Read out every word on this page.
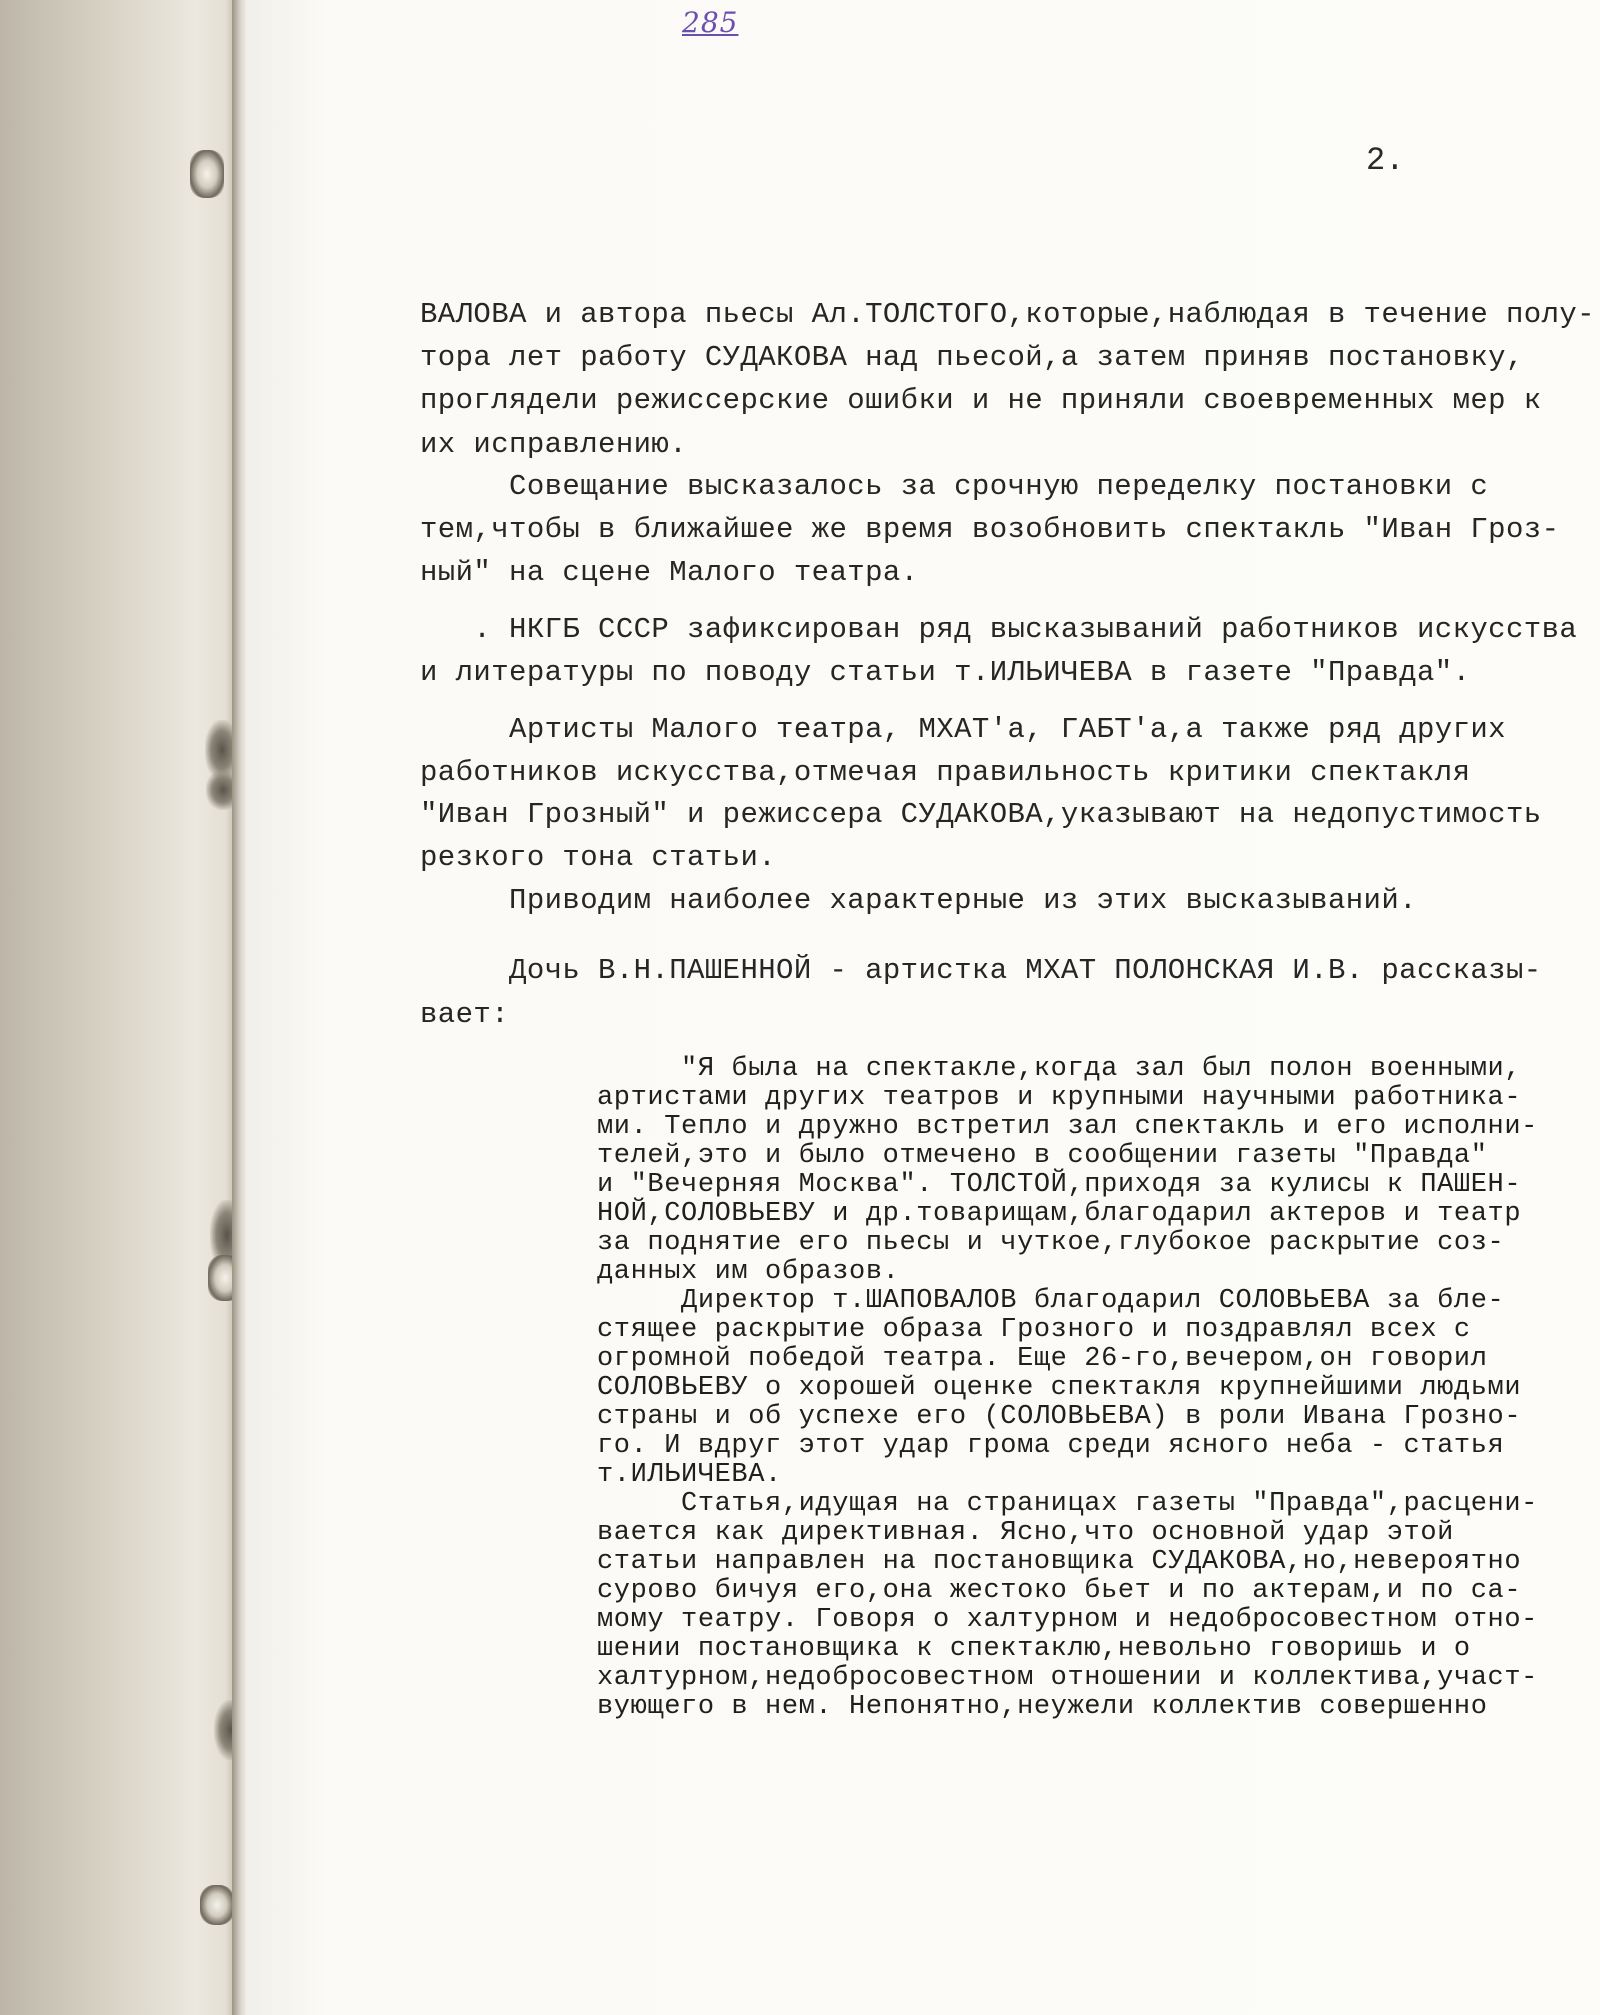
285
2.
ВАЛОВА и автора пьесы Ал.ТОЛСТОГО,которые,наблюдая в течение полу-
тора лет работу СУДАКОВА над пьесой,а затем приняв постановку,
проглядели режиссерские ошибки и не приняли своевременных мер к
их исправлению.
Совещание высказалось за срочную переделку постановки с
тем,чтобы в ближайшее же время возобновить спектакль "Иван Гроз-
ный" на сцене Малого театра.
. НКГБ СССР зафиксирован ряд высказываний работников искусства
и литературы по поводу статьи т.ИЛЬИЧЕВА в газете "Правда".
Артисты Малого театра, МХАТ'а, ГАБТ'а,а также ряд других
работников искусства,отмечая правильность критики спектакля
"Иван Грозный" и режиссера СУДАКОВА,указывают на недопустимость
резкого тона статьи.
Приводим наиболее характерные из этих высказываний.
Дочь В.Н.ПАШЕННОЙ - артистка МХАТ ПОЛОНСКАЯ И.В. рассказы-
вает:
"Я была на спектакле,когда зал был полон военными,
артистами других театров и крупными научными работника-
ми. Тепло и дружно встретил зал спектакль и его исполни-
телей,это и было отмечено в сообщении газеты "Правда"
и "Вечерняя Москва". ТОЛСТОЙ,приходя за кулисы к ПАШЕН-
НОЙ,СОЛОВЬЕВУ и др.товарищам,благодарил актеров и театр
за поднятие его пьесы и чуткое,глубокое раскрытие соз-
данных им образов.
Директор т.ШАПОВАЛОВ благодарил СОЛОВЬЕВА за бле-
стящее раскрытие образа Грозного и поздравлял всех с
огромной победой театра. Еще 26-го,вечером,он говорил
СОЛОВЬЕВУ о хорошей оценке спектакля крупнейшими людьми
страны и об успехе его (СОЛОВЬЕВА) в роли Ивана Грозно-
го. И вдруг этот удар грома среди ясного неба - статья
т.ИЛЬИЧЕВА.
Статья,идущая на страницах газеты "Правда",расцени-
вается как директивная. Ясно,что основной удар этой
статьи направлен на постановщика СУДАКОВА,но,невероятно
сурово бичуя его,она жестоко бьет и по актерам,и по са-
мому театру. Говоря о халтурном и недобросовестном отно-
шении постановщика к спектаклю,невольно говоришь и о
халтурном,недобросовестном отношении и коллектива,участ-
вующего в нем. Непонятно,неужели коллектив совершенно
